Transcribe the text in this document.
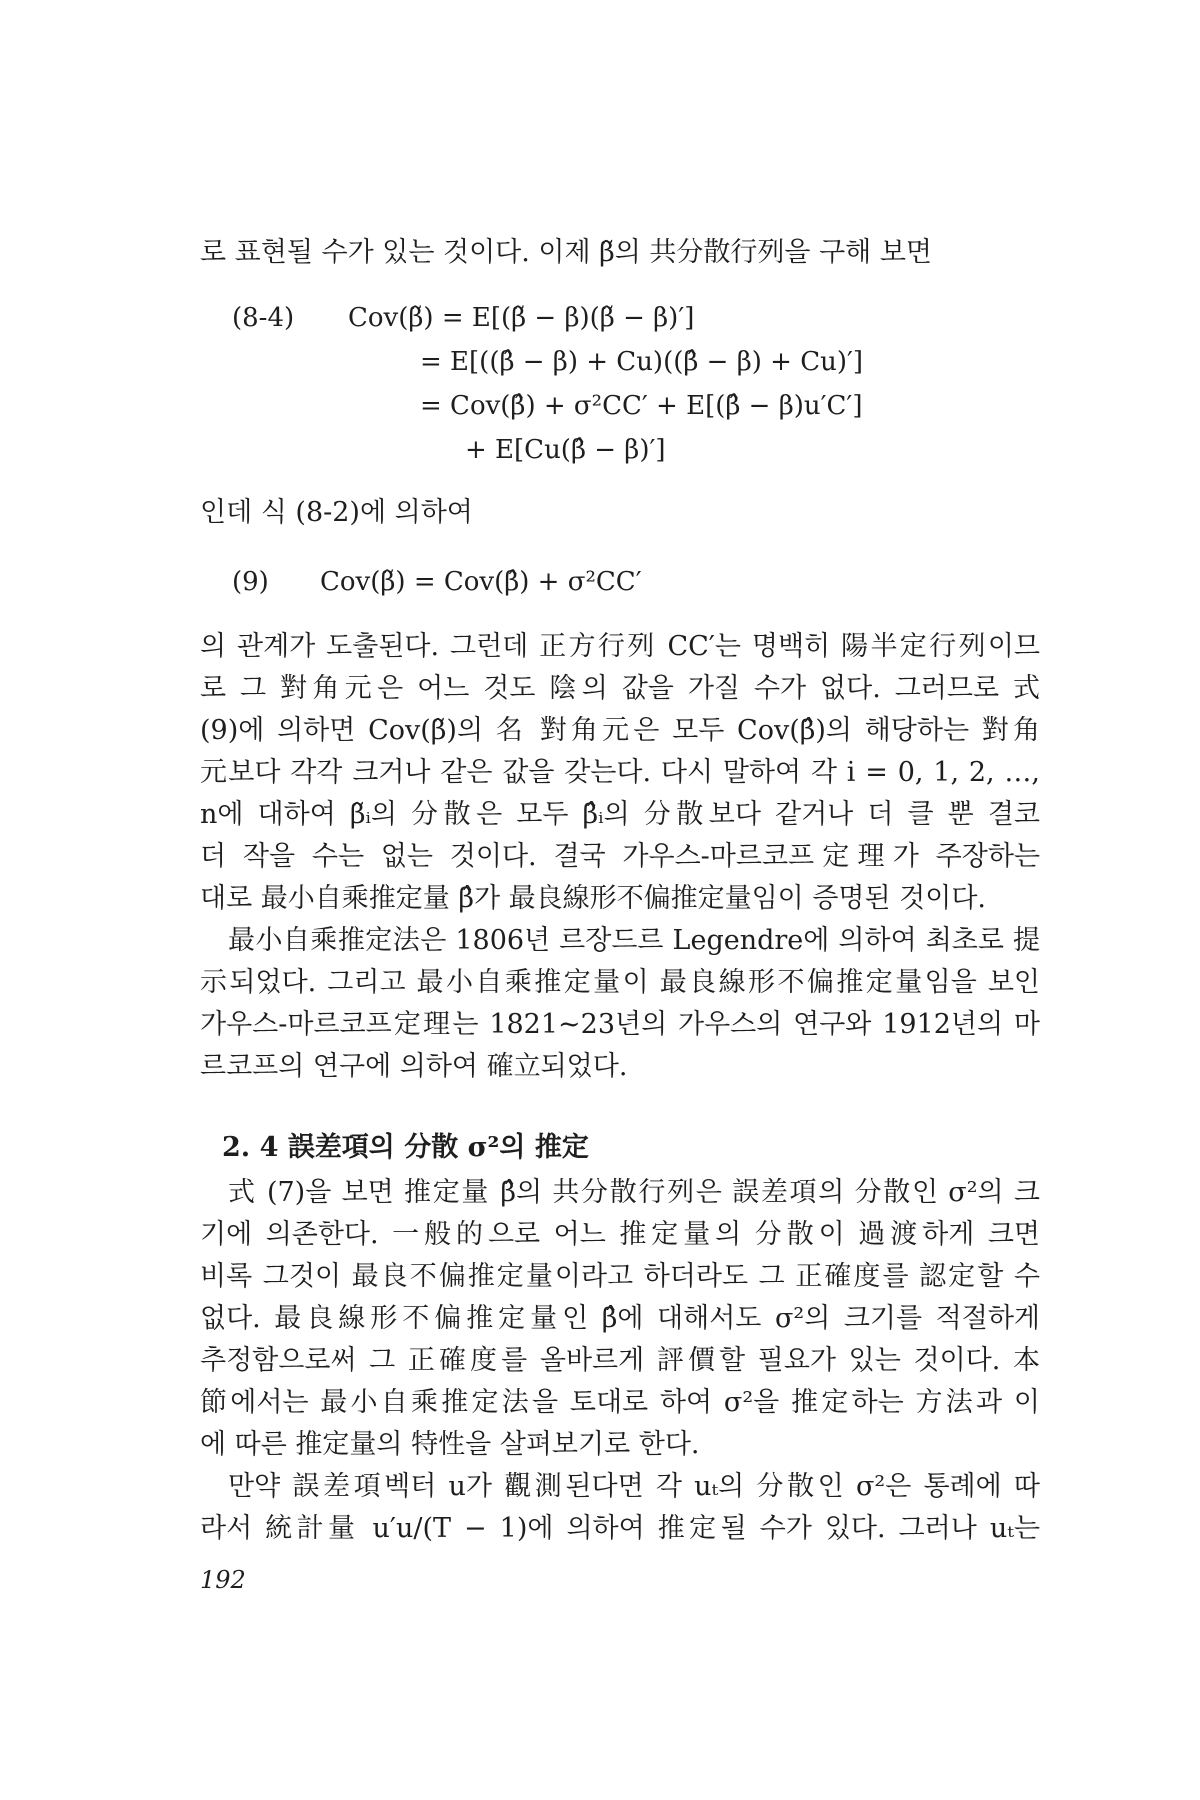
로 표현될 수가 있는 것이다. 이제 β̃의 共分散行列을 구해 보면
(8-4) Cov(β̃) = E[(β̃ − β)(β̃ − β)′]
= E[((β̂ − β) + Cu)((β̂ − β) + Cu)′]
= Cov(β̂) + σ²CC′ + E[(β̂ − β)u′C′]
+ E[Cu(β̂ − β)′]
인데 식 (8-2)에 의하여
(9) Cov(β̃) = Cov(β̂) + σ²CC′
의 관계가 도출된다. 그런데 正方行列 CC′는 명백히 陽半定行列이므
로 그 對角元은 어느 것도 陰의 값을 가질 수가 없다. 그러므로 式
(9)에 의하면 Cov(β̃)의 名 對角元은 모두 Cov(β̂)의 해당하는 對角
元보다 각각 크거나 같은 값을 갖는다. 다시 말하여 각 i = 0, 1, 2, …,
n에 대하여 β̃ᵢ의 分散은 모두 β̂ᵢ의 分散보다 같거나 더 클 뿐 결코
더 작을 수는 없는 것이다. 결국 가우스-마르코프定理가 주장하는
대로 最小自乘推定量 β̂가 最良線形不偏推定量임이 증명된 것이다.
最小自乘推定法은 1806년 르장드르 Legendre에 의하여 최초로 提
示되었다. 그리고 最小自乘推定量이 最良線形不偏推定量임을 보인
가우스-마르코프定理는 1821~23년의 가우스의 연구와 1912년의 마
르코프의 연구에 의하여 確立되었다.
2. 4 誤差項의 分散 σ²의 推定
式 (7)을 보면 推定量 β̂의 共分散行列은 誤差項의 分散인 σ²의 크
기에 의존한다. 一般的으로 어느 推定量의 分散이 過渡하게 크면
비록 그것이 最良不偏推定量이라고 하더라도 그 正確度를 認定할 수
없다. 最良線形不偏推定量인 β̂에 대해서도 σ²의 크기를 적절하게
추정함으로써 그 正確度를 올바르게 評價할 필요가 있는 것이다. 本
節에서는 最小自乘推定法을 토대로 하여 σ²을 推定하는 方法과 이
에 따른 推定量의 特性을 살펴보기로 한다.
만약 誤差項벡터 u가 觀測된다면 각 uₜ의 分散인 σ²은 통례에 따
라서 統計量 u′u/(T − 1)에 의하여 推定될 수가 있다. 그러나 uₜ는
192
